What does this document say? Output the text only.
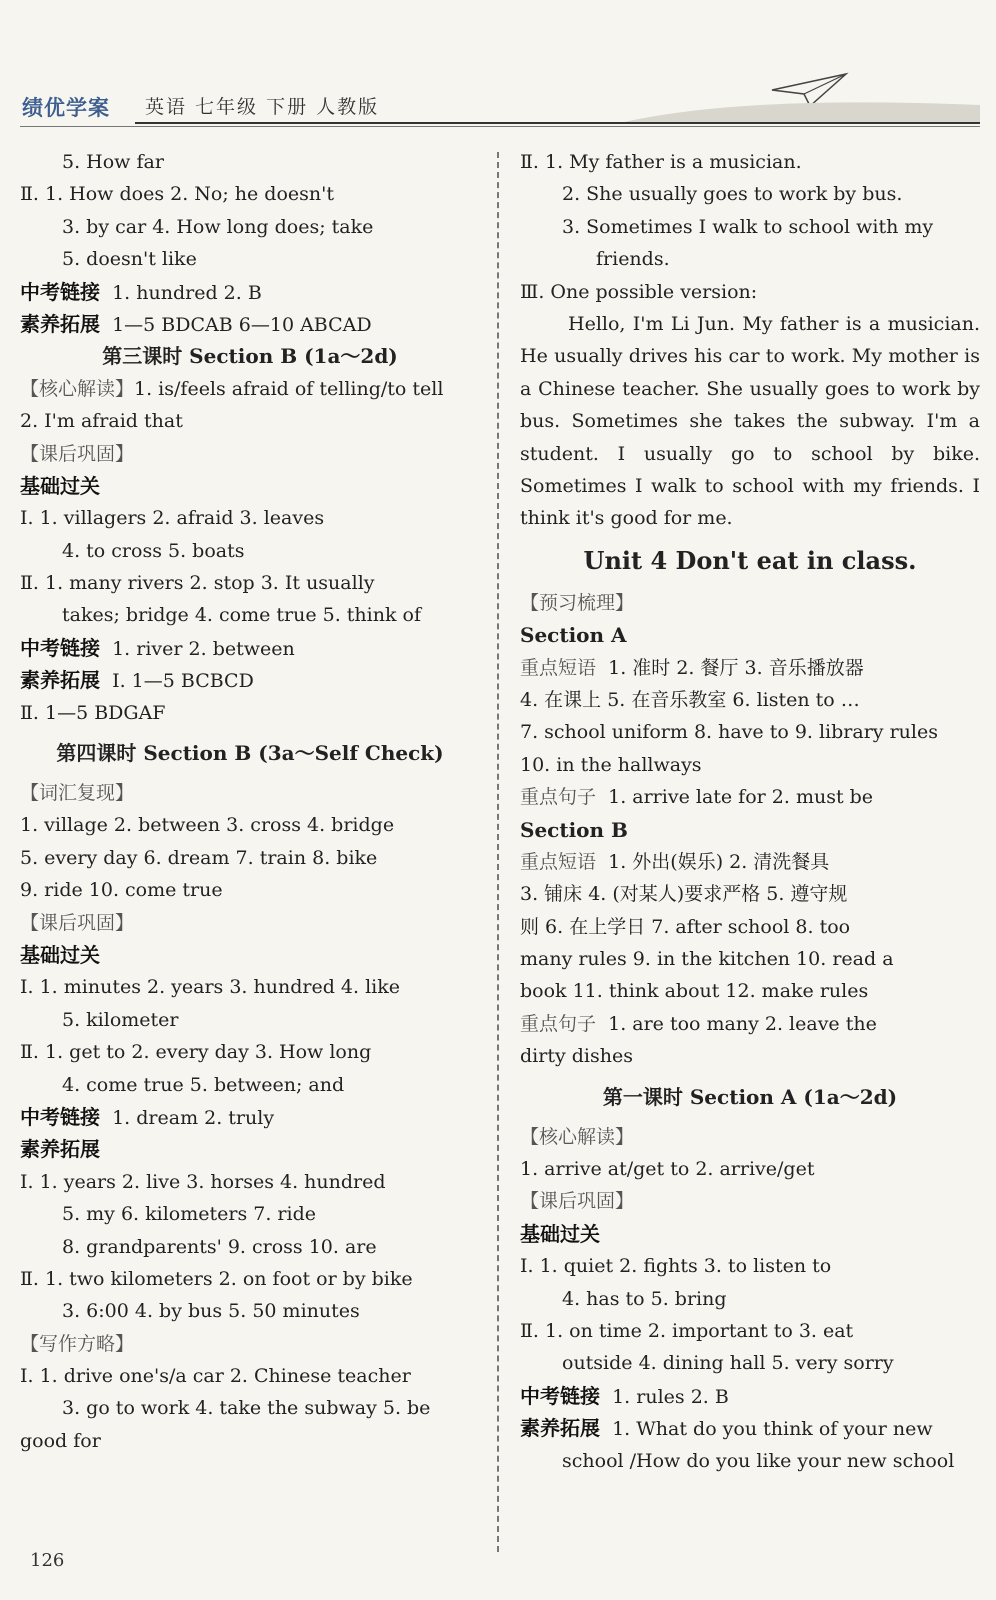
绩优学案 英语 七年级 下册 人教版
5. How far
Ⅱ. 1. How does 2. No; he doesn't
3. by car 4. How long does; take
5. doesn't like
中考链接 1. hundred 2. B
素养拓展 1—5 BDCAB 6—10 ABCAD
第三课时 Section B (1a～2d)
【核心解读】1. is/feels afraid of telling/to tell
2. I'm afraid that
【课后巩固】
基础过关
Ⅰ. 1. villagers 2. afraid 3. leaves
4. to cross 5. boats
Ⅱ. 1. many rivers 2. stop 3. It usually
takes; bridge 4. come true 5. think of
中考链接 1. river 2. between
素养拓展 Ⅰ. 1—5 BCBCD
Ⅱ. 1—5 BDGAF
第四课时 Section B (3a～Self Check)
【词汇复现】
1. village 2. between 3. cross 4. bridge
5. every day 6. dream 7. train 8. bike
9. ride 10. come true
【课后巩固】
基础过关
Ⅰ. 1. minutes 2. years 3. hundred 4. like
5. kilometer
Ⅱ. 1. get to 2. every day 3. How long
4. come true 5. between; and
中考链接 1. dream 2. truly
素养拓展
Ⅰ. 1. years 2. live 3. horses 4. hundred
5. my 6. kilometers 7. ride
8. grandparents' 9. cross 10. are
Ⅱ. 1. two kilometers 2. on foot or by bike
3. 6:00 4. by bus 5. 50 minutes
【写作方略】
Ⅰ. 1. drive one's/a car 2. Chinese teacher
3. go to work 4. take the subway 5. be
good for
Ⅱ. 1. My father is a musician.
2. She usually goes to work by bus.
3. Sometimes I walk to school with my
friends.
Ⅲ. One possible version:
Hello, I'm Li Jun. My father is a musician. He usually drives his car to work. My mother is a Chinese teacher. She usually goes to work by bus. Sometimes she takes the subway. I'm a student. I usually go to school by bike. Sometimes I walk to school with my friends. I think it's good for me.
Unit 4 Don't eat in class.
【预习梳理】
Section A
重点短语 1. 准时 2. 餐厅 3. 音乐播放器
4. 在课上 5. 在音乐教室 6. listen to …
7. school uniform 8. have to 9. library rules
10. in the hallways
重点句子 1. arrive late for 2. must be
Section B
重点短语 1. 外出(娱乐) 2. 清洗餐具
3. 铺床 4. (对某人)要求严格 5. 遵守规
则 6. 在上学日 7. after school 8. too
many rules 9. in the kitchen 10. read a
book 11. think about 12. make rules
重点句子 1. are too many 2. leave the
dirty dishes
第一课时 Section A (1a～2d)
【核心解读】
1. arrive at/get to 2. arrive/get
【课后巩固】
基础过关
Ⅰ. 1. quiet 2. fights 3. to listen to
4. has to 5. bring
Ⅱ. 1. on time 2. important to 3. eat
outside 4. dining hall 5. very sorry
中考链接 1. rules 2. B
素养拓展 1. What do you think of your new
school /How do you like your new school
126
